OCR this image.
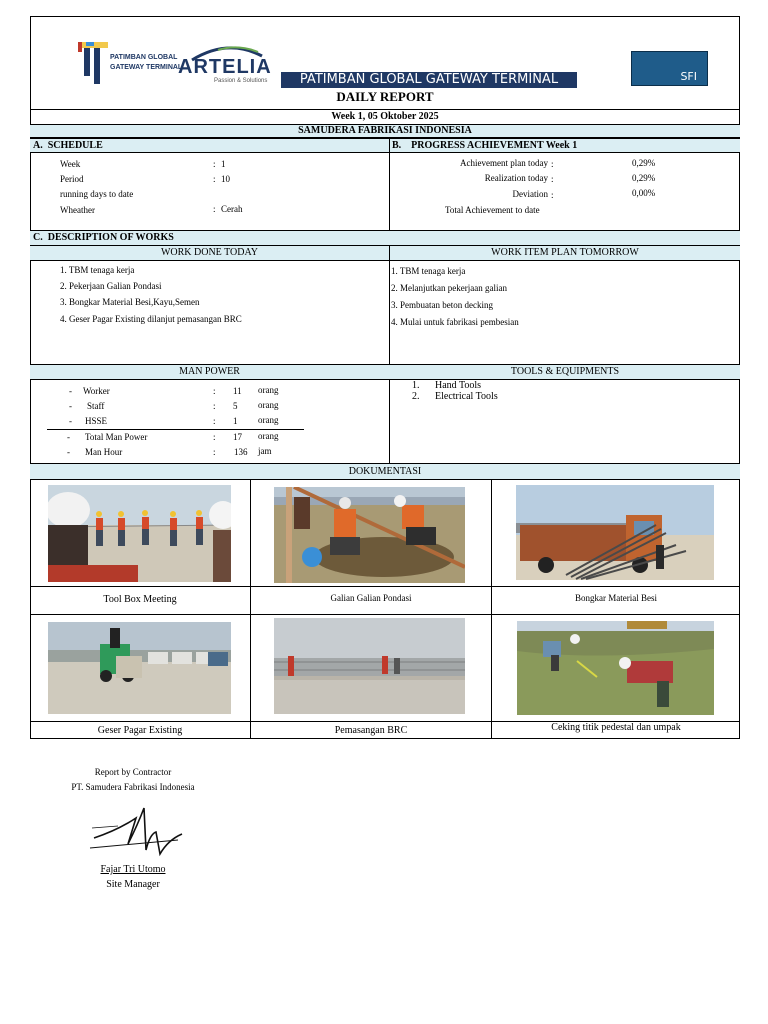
PATIMBAN GLOBAL
GATEWAY TERMINAL
ARTELIA
Passion & Solutions	PATIMBAN GLOBAL GATEWAY TERMINAL
DAILY REPORT
SFI
Week 1, 05 Oktober 2025
SAMUDERA FABRIKASI INDONESIA
A.  SCHEDULE	B.    PROGRESS ACHIEVEMENT Week 1
Week	: 1
Period	: 10
running days to date
Wheather	: Cerah
Achievement plan today :	0,29%
Realization today :	0,29%
Deviation :	0,00%
Total Achievement to date
C.  DESCRIPTION OF WORKS
WORK DONE TODAY	WORK ITEM PLAN TOMORROW
1. TBM tenaga kerja
2. Pekerjaan Galian Pondasi
3. Bongkar Material Besi,Kayu,Semen
4. Geser Pagar Existing dilanjut pemasangan BRC
1. TBM tenaga kerja
2. Melanjutkan pekerjaan galian
3. Pembuatan beton decking
4. Mulai untuk fabrikasi pembesian
MAN POWER	TOOLS & EQUIPMENTS
- Worker	: 11 orang
- Staff	: 5 orang
- HSSE	: 1 orang
- Total Man Power	: 17 orang
- Man Hour	: 136 jam
1. Hand Tools
2. Electrical Tools
DOKUMENTASI
Tool Box Meeting	Galian Galian Pondasi	Bongkar Material Besi
Geser Pagar Existing	Pemasangan BRC	Ceking titik pedestal dan umpak
Report by Contractor
PT. Samudera Fabrikasi Indonesia
Fajar Tri Utomo
Site Manager
